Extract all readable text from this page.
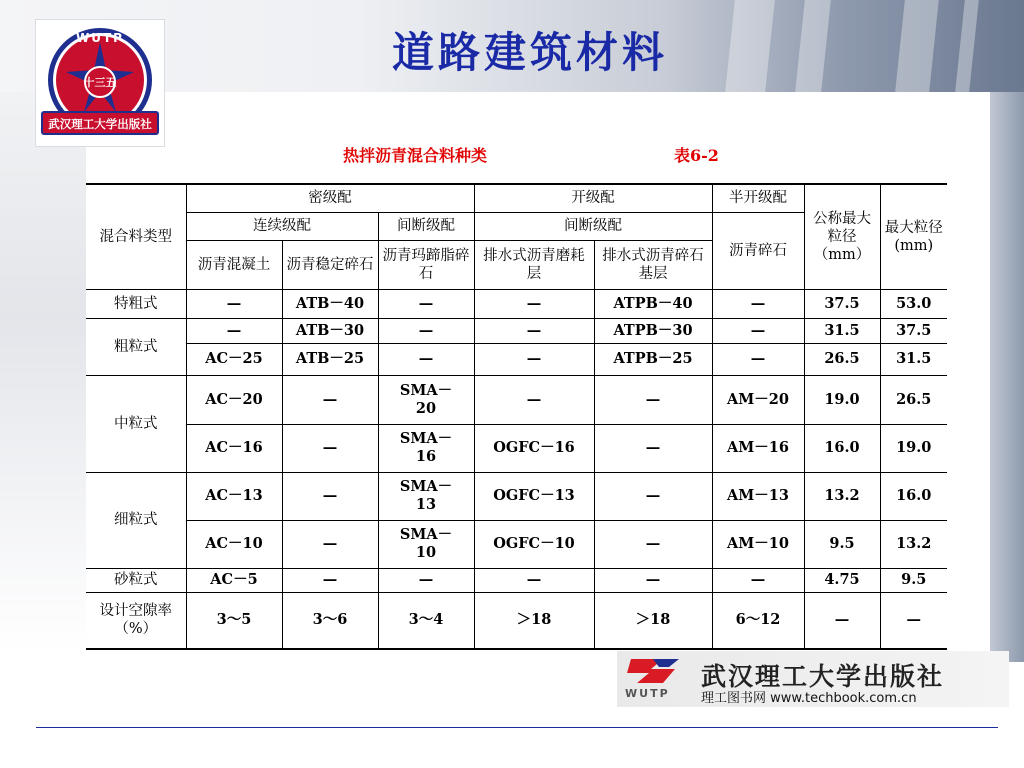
十三五
WUTP
武汉理工大学出版社
道路建筑材料
热拌沥青混合料种类	表6-2
混合料类型	密级配			开级配		半开级配	公称最大粒径（mm）	最大粒径(mm)
	连续级配		间断级配	间断级配		沥青碎石		
	沥青混凝土	沥青稳定碎石	沥青玛蹄脂碎石	排水式沥青磨耗层	排水式沥青碎石基层			
特粗式	—	ATB－40	—	—	ATPB－40	—	37.5	53.0
粗粒式	—	ATB－30	—	—	ATPB－30	—	31.5	37.5
	AC－25	ATB－25	—	—	ATPB－25	—	26.5	31.5
中粒式	AC－20	—	SMA－20	—	—	AM－20	19.0	26.5
	AC－16	—	SMA－16	OGFC－16	—	AM－16	16.0	19.0
细粒式	AC－13	—	SMA－13	OGFC－13	—	AM－13	13.2	16.0
	AC－10	—	SMA－10	OGFC－10	—	AM－10	9.5	13.2
砂粒式	AC－5	—	—	—	—	—	4.75	9.5
设计空隙率（%）	3～5	3～6	3～4	＞18	＞18	6～12	—	—
WUTP
武汉理工大学出版社
理工图书网 www.techbook.com.cn
